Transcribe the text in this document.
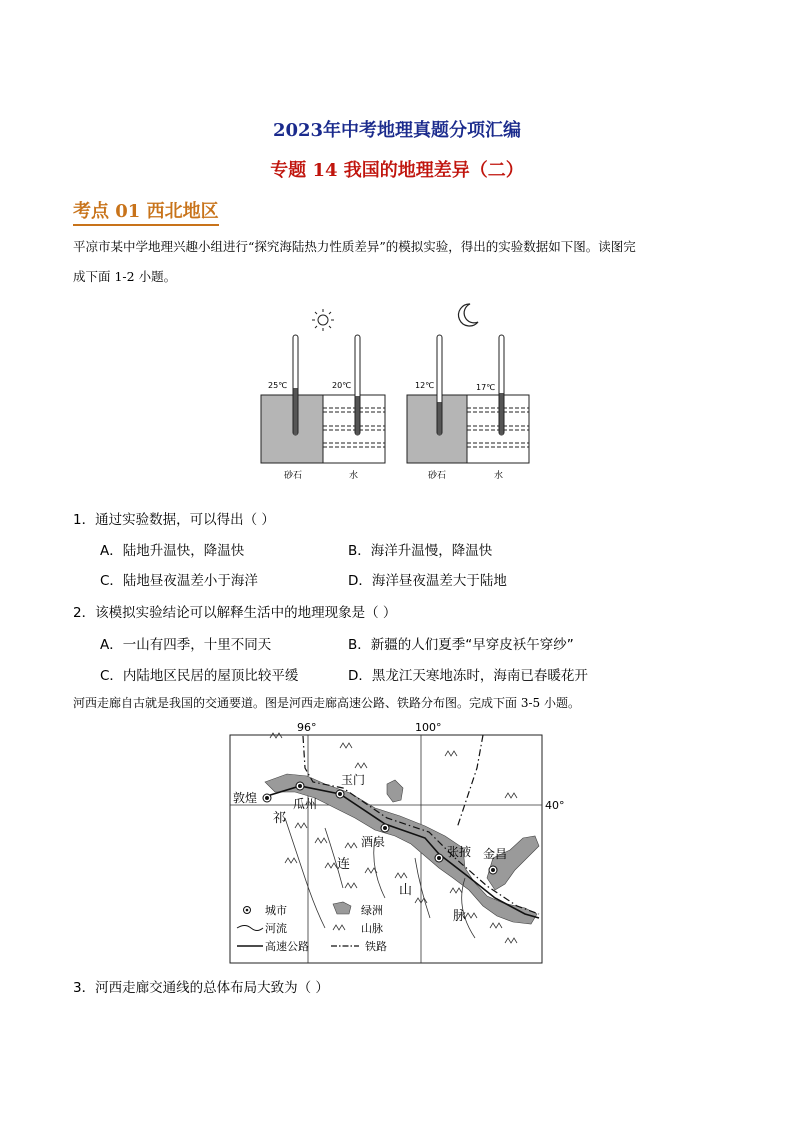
2023年中考地理真题分项汇编
专题 14 我国的地理差异（二）
考点 01 西北地区
平凉市某中学地理兴趣小组进行“探究海陆热力性质差异”的模拟实验，得出的实验数据如下图。读图完
成下面 1-2 小题。
25℃	20℃
砂石	水
12℃	17℃
砂石	水
1．通过实验数据，可以得出（ ）
A．陆地升温快，降温快	B．海洋升温慢，降温快
C．陆地昼夜温差小于海洋	D．海洋昼夜温差大于陆地
2．该模拟实验结论可以解释生活中的地理现象是（ ）
A．一山有四季，十里不同天	B．新疆的人们夏季“早穿皮袄午穿纱”
C．内陆地区民居的屋顶比较平缓	D．黑龙江天寒地冻时，海南已春暖花开
河西走廊自古就是我国的交通要道。图是河西走廊高速公路、铁路分布图。完成下面 3-5 小题。
96°	100°
40°
敦煌	瓜州
玉门
酒泉
张掖 金昌
祁
连
山
脉
城市
河流
高速公路
绿洲
山脉
铁路
3．河西走廊交通线的总体布局大致为（ ）
